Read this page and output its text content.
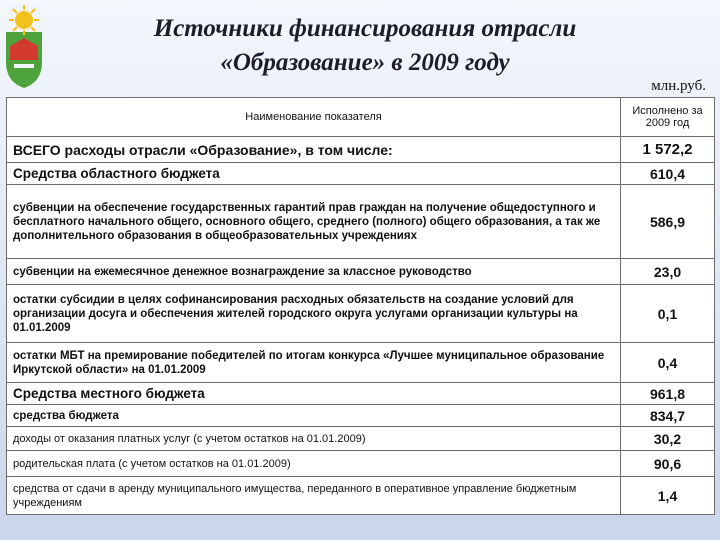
Источники финансирования отрасли
«Образование» в 2009 году
млн.руб.
Наименование показателя	Исполнено за 2009 год
ВСЕГО расходы отрасли «Образование», в том числе:	1 572,2
Средства областного бюджета	610,4
субвенции на обеспечение государственных гарантий прав граждан на получение общедоступного и бесплатного начального общего, основного общего, среднего (полного) общего образования, а так же дополнительного образования в общеобразовательных учреждениях	586,9
субвенции на ежемесячное денежное вознаграждение за классное руководство	23,0
остатки субсидии в целях софинансирования расходных обязательств на создание условий для организации досуга и обеспечения жителей городского округа услугами организации культуры на 01.01.2009	0,1
остатки МБТ на премирование победителей по итогам конкурса «Лучшее муниципальное образование Иркутской области» на 01.01.2009	0,4
Средства местного бюджета	961,8
средства бюджета	834,7
доходы от оказания платных услуг (с учетом остатков на 01.01.2009)	30,2
родительская плата (с учетом остатков на 01.01.2009)	90,6
средства от сдачи в аренду муниципального имущества, переданного в оперативное управление бюджетным учреждениям	1,4
